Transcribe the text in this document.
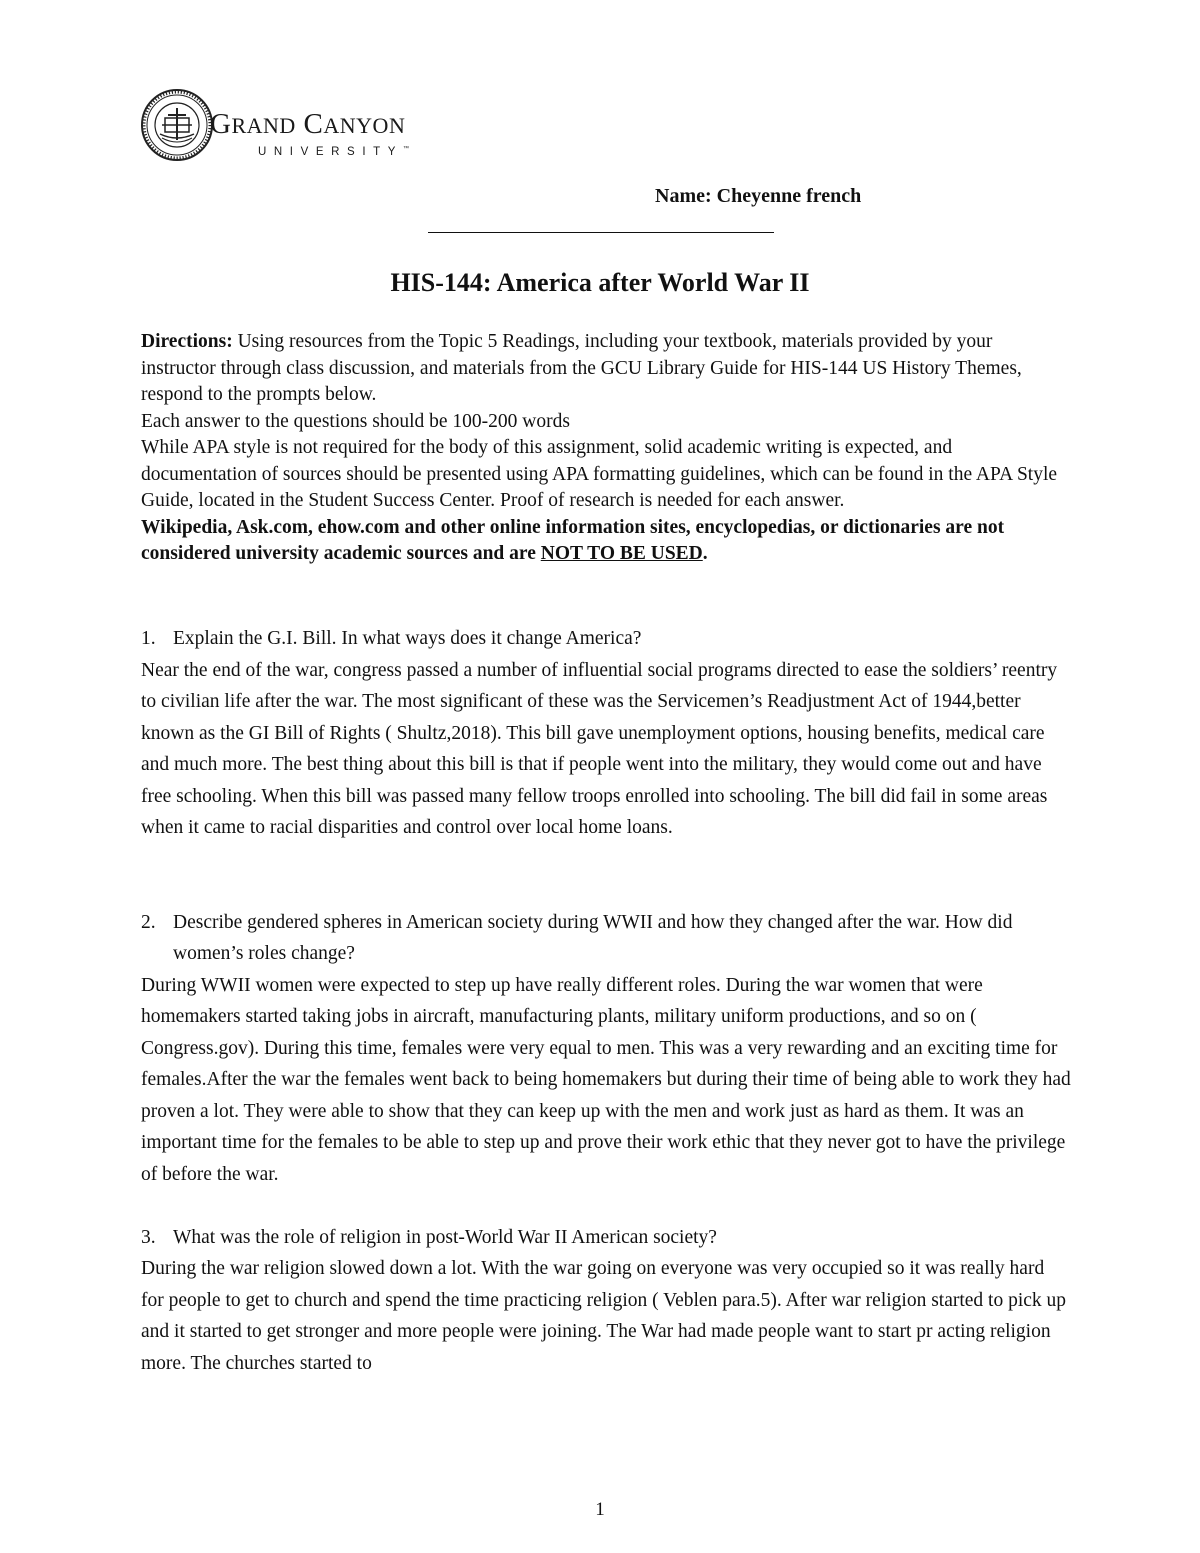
GRAND CANYON
UNIVERSITY™
Name: Cheyenne french
HIS-144: America after World War II

Directions: Using resources from the Topic 5 Readings, including your textbook, materials provided by your instructor through class discussion, and materials from the GCU Library Guide for HIS-144 US History Themes, respond to the prompts below.

Each answer to the questions should be 100-200 words

While APA style is not required for the body of this assignment, solid academic writing is expected, and documentation of sources should be presented using APA formatting guidelines, which can be found in the APA Style Guide, located in the Student Success Center. Proof of research is needed for each answer.

Wikipedia, Ask.com, ehow.com and other online information sites, encyclopedias, or dictionaries are not considered university academic sources and are NOT TO BE USED.

1. Explain the G.I. Bill. In what ways does it change America?

Near the end of the war, congress passed a number of influential social programs directed to ease the soldiers’ reentry to civilian life after the war. The most significant of these was the Servicemen’s Readjustment Act of 1944,better known as the GI Bill of Rights ( Shultz,2018). This bill gave unemployment options, housing benefits, medical care and much more. The best thing about this bill is that if people went into the military, they would come out and have free schooling. When this bill was passed many fellow troops enrolled into schooling. The bill did fail in some areas when it came to racial disparities and control over local home loans.

2. Describe gendered spheres in American society during WWII and how they changed after the war. How did women’s roles change?

During WWII women were expected to step up have really different roles. During the war women that were homemakers started taking jobs in aircraft, manufacturing plants, military uniform productions, and so on ( Congress.gov). During this time, females were very equal to men. This was a very rewarding and an exciting time for females.After the war the females went back to being homemakers but during their time of being able to work they had proven a lot. They were able to show that they can keep up with the men and work just as hard as them. It was an important time for the females to be able to step up and prove their work ethic that they never got to have the privilege of before the war.

3. What was the role of religion in post-World War II American society?

During the war religion slowed down a lot. With the war going on everyone was very occupied so it was really hard for people to get to church and spend the time practicing religion ( Veblen para.5). After war religion started to pick up and it started to get stronger and more people were joining. The War had made people want to start pr acting religion more. The churches started to

1
